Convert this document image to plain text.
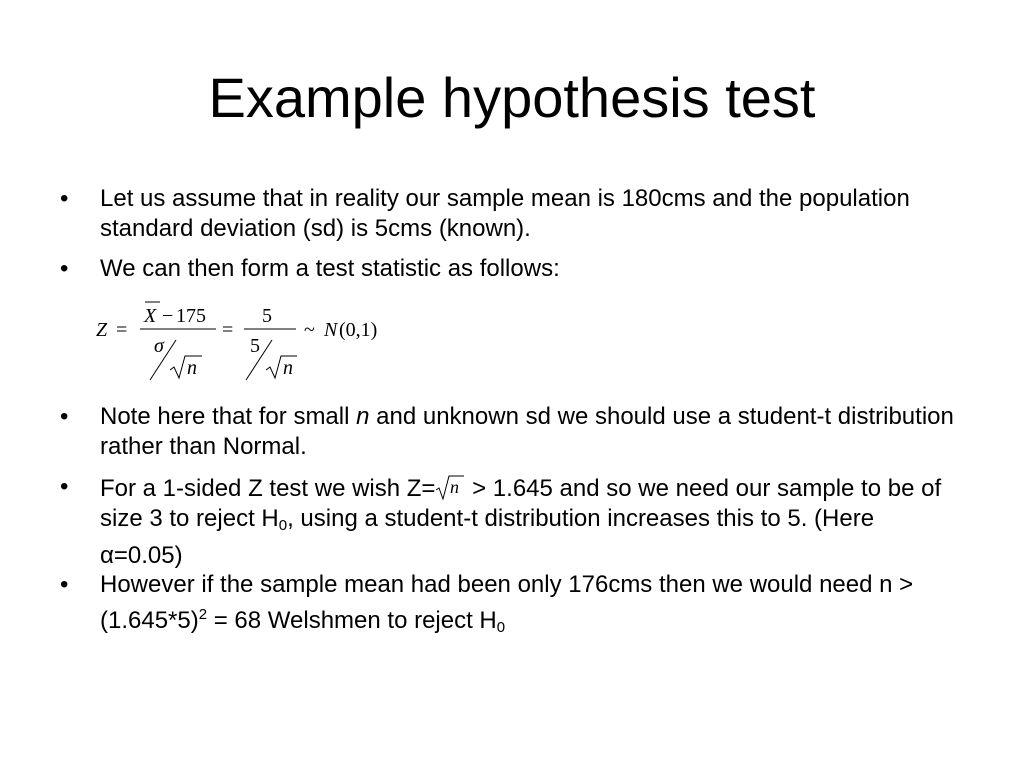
Example hypothesis test
• Let us assume that in reality our sample mean is 180cms and the population standard deviation (sd) is 5cms (known).
• We can then form a test statistic as follows:
Z =
X − 175
σ
n
=
5
5
n
~ N (0,1)
• Note here that for small n and unknown sd we should use a student-t distribution rather than Normal.
• For a 1-sided Z test we wish Z= n > 1.645 and so we need our sample to be of size 3 to reject $H_0$, using a student-t distribution increases this to 5. (Here α=0.05)
• However if the sample mean had been only 176cms then we would need $n > (1.645*5)^2 = 68$ Welshmen to reject $H_0$
